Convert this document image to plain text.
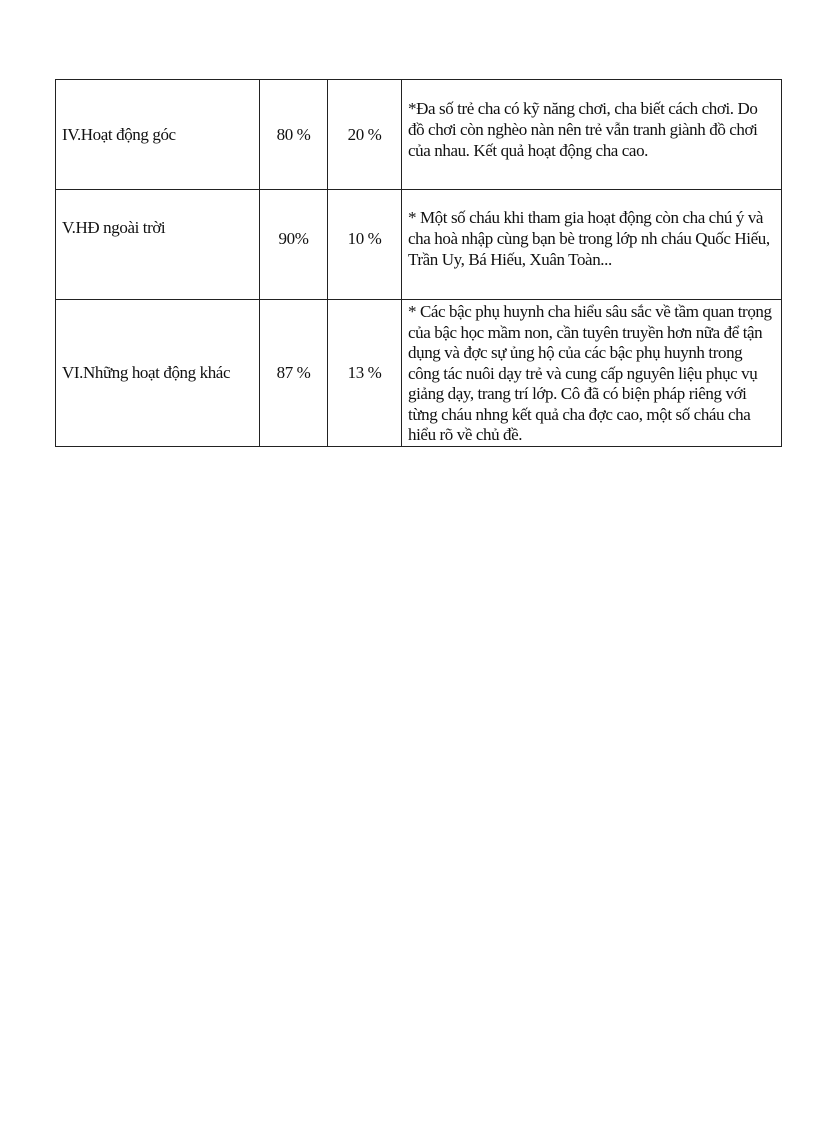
IV.Hoạt động góc	80 %	20 %	*Đa số trẻ cha có kỹ năng chơi, cha biết cách chơi. Do đồ chơi còn nghèo nàn nên trẻ vẫn tranh giành đồ chơi của nhau. Kết quả hoạt động cha cao.

V.HĐ ngoài trời	90%	10 %	* Một số cháu khi tham gia hoạt động còn cha chú ý và cha hoà nhập cùng bạn bè trong lớp nh cháu Quốc Hiếu, Trần Uy, Bá Hiếu, Xuân Toàn...

VI.Những hoạt động khác	87 %	13 %	* Các bậc phụ huynh cha hiểu sâu sắc về tầm quan trọng của bậc học mầm non, cần tuyên truyền hơn nữa để tận dụng và đợc sự ủng hộ của các bậc phụ huynh trong công tác nuôi dạy trẻ và cung cấp nguyên liệu phục vụ giảng dạy, trang trí lớp. Cô đã có biện pháp riêng với từng cháu nhng kết quả cha đợc cao, một số cháu cha hiểu rõ về chủ đề.
